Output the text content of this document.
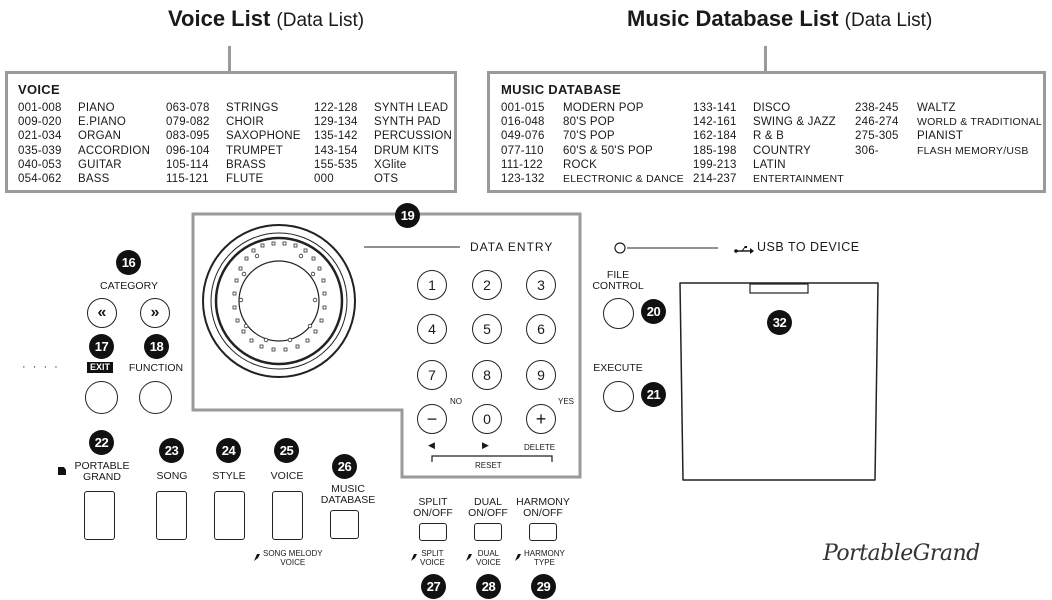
Voice List (Data List)	Music Database List (Data List)
VOICE
001-008	PIANO
009-020	E.PIANO
021-034	ORGAN
035-039	ACCORDION
040-053	GUITAR
054-062	BASS
063-078	STRINGS
079-082	CHOIR
083-095	SAXOPHONE
096-104	TRUMPET
105-114	BRASS
115-121	FLUTE
122-128	SYNTH LEAD
129-134	SYNTH PAD
135-142	PERCUSSION
143-154	DRUM KITS
155-535	XGlite
000	OTS
MUSIC DATABASE
001-015	MODERN POP
016-048	80'S POP
049-076	70'S POP
077-110	60'S & 50'S POP
111-122	ROCK
123-132	ELECTRONIC & DANCE
133-141	DISCO
142-161	SWING & JAZZ
162-184	R & B
185-198	COUNTRY
199-213	LATIN
214-237	ENTERTAINMENT
238-245	WALTZ
246-274	WORLD & TRADITIONAL
275-305	PIANIST
306-	FLASH MEMORY/USB
19
DATA ENTRY
1	2	3
4	5	6
7	8	9
−	0	+
NO	YES
◀	▶	DELETE
RESET
16
CATEGORY
«	»
· · · ·
17
EXIT
18
FUNCTION
22
PORTABLE
GRAND
23
SONG
24
STYLE
25
VOICE
SONG MELODY
VOICE
26
MUSIC
DATABASE	SPLIT
ON/OFF
SPLIT
VOICE
27
DUAL
ON/OFF
DUAL
VOICE
28
HARMONY
ON/OFF
HARMONY
TYPE
29
USB TO DEVICE
FILE
CONTROL
20
EXECUTE
21
32
PortableGrand
